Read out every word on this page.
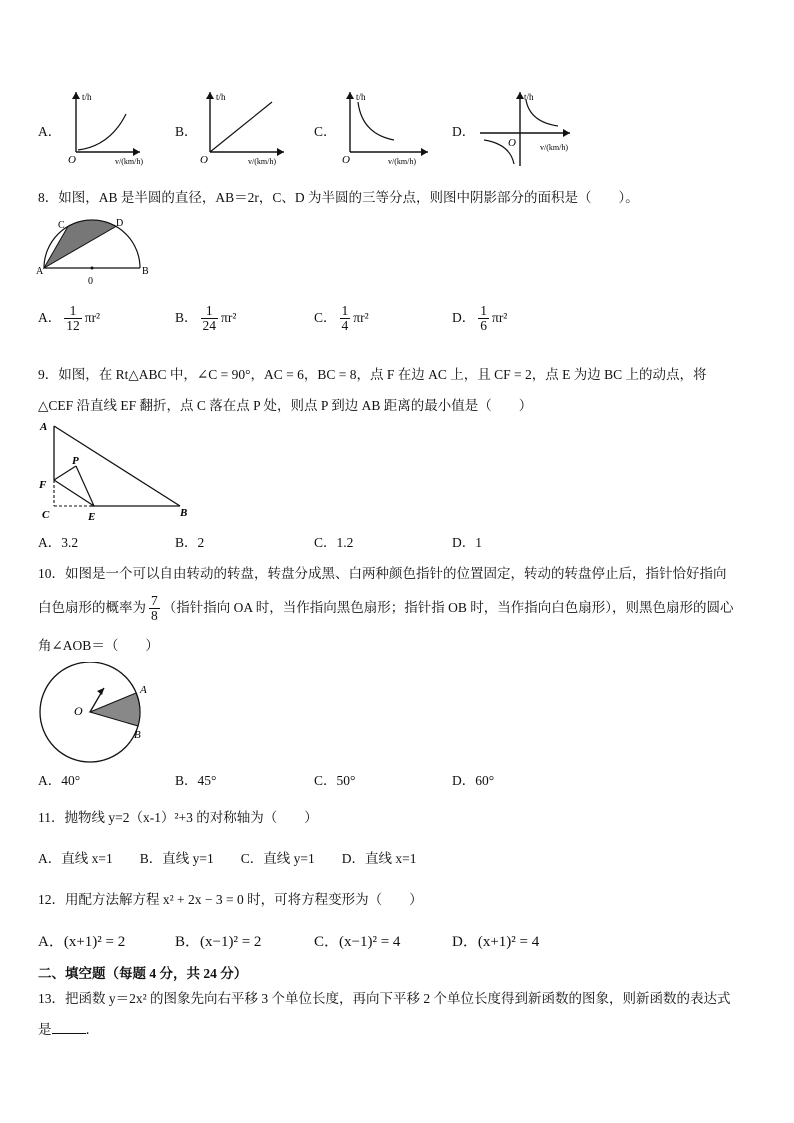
A．
t/h
O	v/(km/h)
B．
t/h
O	v/(km/h)
C．
t/h
O	v/(km/h)
D．
t/h
O	v/(km/h)
8．如图，AB 是半圆的直径，AB＝2r，C、D 为半圆的三等分点，则图中阴影部分的面积是（　　）。
A	B
C	D
0
A． $\frac{1}{12} \pi r^2$	B． $\frac{1}{24} \pi r^2$	C． $\frac{1}{4} \pi r^2$	D． $\frac{1}{6} \pi r^2$
9．如图，在 Rt△ABC 中，∠C = 90°，AC = 6，BC = 8，点 F 在边 AC 上，且 CF = 2，点 E 为边 BC 上的动点，将
△CEF 沿直线 EF 翻折，点 C 落在点 P 处，则点 P 到边 AB 距离的最小值是（　　）
A
F
C	E
P
B
A．3.2	B．2	C．1.2	D．1
10．如图是一个可以自由转动的转盘，转盘分成黑、白两种颜色指针的位置固定，转动的转盘停止后，指针恰好指向
白色扇形的概率为 $\frac{7}{8}$ （指针指向 OA 时，当作指向黑色扇形；指针指 OB 时，当作指向白色扇形），则黑色扇形的圆心
角∠AOB＝（　　）
O
A
B
A．40°	B．45°	C．50°	D．60°
11．抛物线 y=2（x-1）²+3 的对称轴为（　　）
A．直线 x=1　　B．直线 y=1　　C．直线 y=1　　D．直线 x=1
12．用配方法解方程 x² + 2x − 3 = 0 时，可将方程变形为（　　）
A．(x+1)² = 2	B．(x−1)² = 2	C．(x−1)² = 4	D．(x+1)² = 4
二、填空题（每题 4 分，共 24 分）
13．把函数 y＝2x² 的图象先向右平移 3 个单位长度，再向下平移 2 个单位长度得到新函数的图象，则新函数的表达式
是	．
